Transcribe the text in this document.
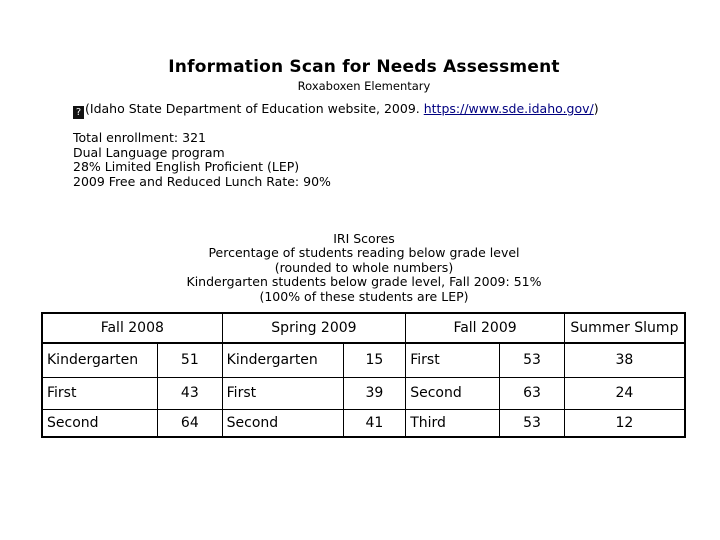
Information Scan for Needs Assessment
Roxaboxen Elementary
? (Idaho State Department of Education website, 2009. https://www.sde.idaho.gov/)
Total enrollment: 321
Dual Language program
28% Limited English Proficient (LEP)
2009 Free and Reduced Lunch Rate: 90%
IRI Scores
Percentage of students reading below grade level
(rounded to whole numbers)
Kindergarten students below grade level, Fall 2009: 51%
(100% of these students are LEP)
Fall 2008		Spring 2009		Fall 2009		Summer Slump
Kindergarten	51	Kindergarten	15	First	53	38
First	43	First	39	Second	63	24
Second	64	Second	41	Third	53	12
